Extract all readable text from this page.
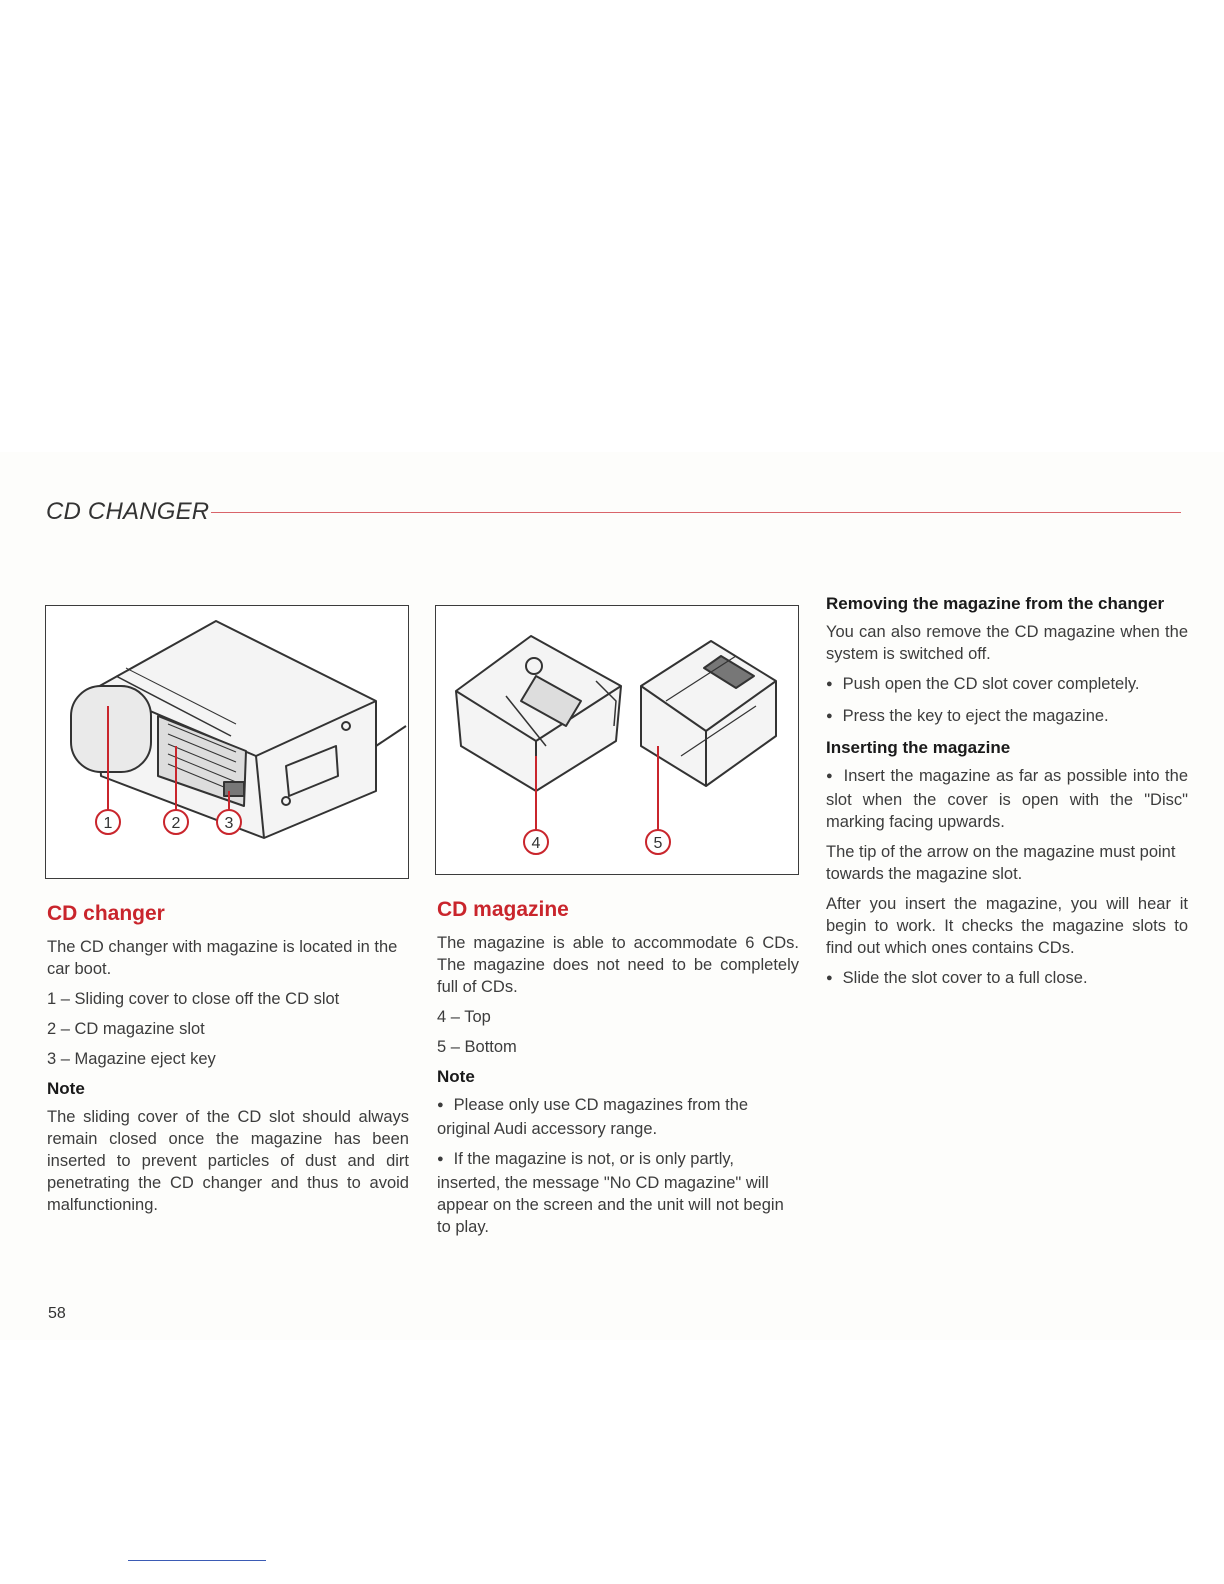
CD CHANGER
1	2	3
4	5
CD changer

The CD changer with magazine is located in the car boot.

1 – Sliding cover to close off the CD slot

2 – CD magazine slot

3 – Magazine eject key

Note

The sliding cover of the CD slot should always remain closed once the magazine has been inserted to prevent particles of dust and dirt penetrating the CD changer and thus to avoid malfunctioning.

CD magazine

The magazine is able to accommodate 6 CDs. The magazine does not need to be completely full of CDs.

4 – Top

5 – Bottom

Note

● Please only use CD magazines from the original Audi accessory range.

● If the magazine is not, or is only partly, inserted, the message "No CD magazine" will appear on the screen and the unit will not begin to play.

Removing the magazine from the changer

You can also remove the CD magazine when the system is switched off.

● Push open the CD slot cover completely.

● Press the key to eject the magazine.

Inserting the magazine

● Insert the magazine as far as possible into the slot when the cover is open with the "Disc" marking facing upwards.

The tip of the arrow on the magazine must point towards the magazine slot.

After you insert the magazine, you will hear it begin to work. It checks the magazine slots to find out which ones contains CDs.

● Slide the slot cover to a full close.

58
